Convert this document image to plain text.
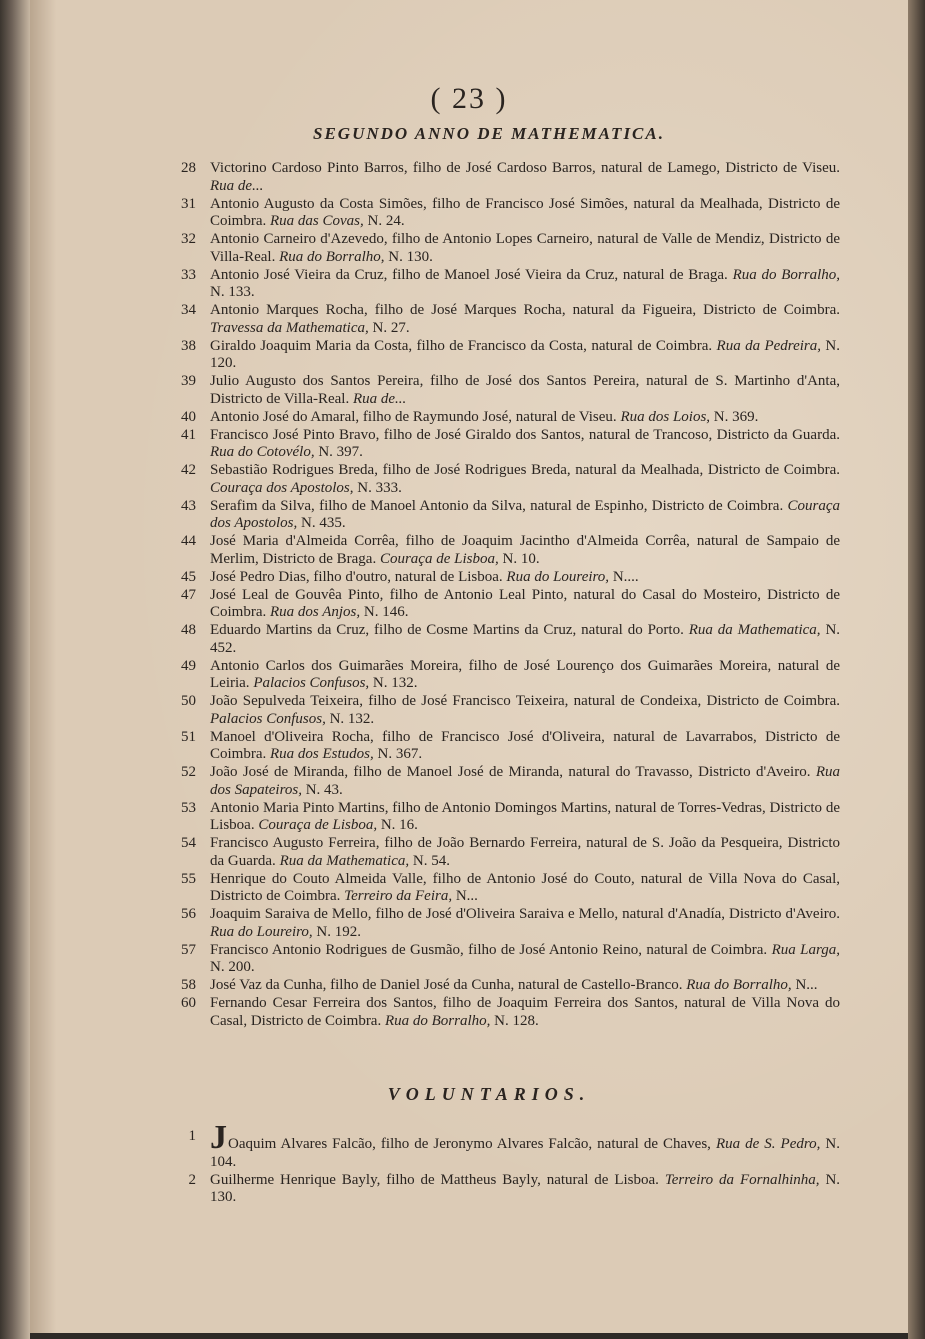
( 23 )
SEGUNDO ANNO DE MATHEMATICA.
28 Victorino Cardoso Pinto Barros, filho de José Cardoso Barros, natural de Lamego, Districto de Viseu. Rua de...
31 Antonio Augusto da Costa Simões, filho de Francisco José Simões, natural da Mealhada, Districto de Coimbra. Rua das Covas, N. 24.
32 Antonio Carneiro d'Azevedo, filho de Antonio Lopes Carneiro, natural de Valle de Mendiz, Districto de Villa-Real. Rua do Borralho, N. 130.
33 Antonio José Vieira da Cruz, filho de Manoel José Vieira da Cruz, natural de Braga. Rua do Borralho, N. 133.
34 Antonio Marques Rocha, filho de José Marques Rocha, natural da Figueira, Districto de Coimbra. Travessa da Mathematica, N. 27.
38 Giraldo Joaquim Maria da Costa, filho de Francisco da Costa, natural de Coimbra. Rua da Pedreira, N. 120.
39 Julio Augusto dos Santos Pereira, filho de José dos Santos Pereira, natural de S. Martinho d'Anta, Districto de Villa-Real. Rua de...
40 Antonio José do Amaral, filho de Raymundo José, natural de Viseu. Rua dos Loios, N. 369.
41 Francisco José Pinto Bravo, filho de José Giraldo dos Santos, natural de Trancoso, Districto da Guarda. Rua do Cotovélo, N. 397.
42 Sebastião Rodrigues Breda, filho de José Rodrigues Breda, natural da Mealhada, Districto de Coimbra. Couraça dos Apostolos, N. 333.
43 Serafim da Silva, filho de Manoel Antonio da Silva, natural de Espinho, Districto de Coimbra. Couraça dos Apostolos, N. 435.
44 José Maria d'Almeida Corrêa, filho de Joaquim Jacintho d'Almeida Corrêa, natural de Sampaio de Merlim, Districto de Braga. Couraça de Lisboa, N. 10.
45 José Pedro Dias, filho d'outro, natural de Lisboa. Rua do Loureiro, N....
47 José Leal de Gouvêa Pinto, filho de Antonio Leal Pinto, natural do Casal do Mosteiro, Districto de Coimbra. Rua dos Anjos, N. 146.
48 Eduardo Martins da Cruz, filho de Cosme Martins da Cruz, natural do Porto. Rua da Mathematica, N. 452.
49 Antonio Carlos dos Guimarães Moreira, filho de José Lourenço dos Guimarães Moreira, natural de Leiria. Palacios Confusos, N. 132.
50 João Sepulveda Teixeira, filho de José Francisco Teixeira, natural de Condeixa, Districto de Coimbra. Palacios Confusos, N. 132.
51 Manoel d'Oliveira Rocha, filho de Francisco José d'Oliveira, natural de Lavarrabos, Districto de Coimbra. Rua dos Estudos, N. 367.
52 João José de Miranda, filho de Manoel José de Miranda, natural do Travasso, Districto d'Aveiro. Rua dos Sapateiros, N. 43.
53 Antonio Maria Pinto Martins, filho de Antonio Domingos Martins, natural de Torres-Vedras, Districto de Lisboa. Couraça de Lisboa, N. 16.
54 Francisco Augusto Ferreira, filho de João Bernardo Ferreira, natural de S. João da Pesqueira, Districto da Guarda. Rua da Mathematica, N. 54.
55 Henrique do Couto Almeida Valle, filho de Antonio José do Couto, natural de Villa Nova do Casal, Districto de Coimbra. Terreiro da Feira, N...
56 Joaquim Saraiva de Mello, filho de José d'Oliveira Saraiva e Mello, natural d'Anadía, Districto d'Aveiro. Rua do Loureiro, N. 192.
57 Francisco Antonio Rodrigues de Gusmão, filho de José Antonio Reino, natural de Coimbra. Rua Larga, N. 200.
58 José Vaz da Cunha, filho de Daniel José da Cunha, natural de Castello-Branco. Rua do Borralho, N...
60 Fernando Cesar Ferreira dos Santos, filho de Joaquim Ferreira dos Santos, natural de Villa Nova do Casal, Districto de Coimbra. Rua do Borralho, N. 128.
VOLUNTARIOS.
1 JOaquim Alvares Falcão, filho de Jeronymo Alvares Falcão, natural de Chaves, Rua de S. Pedro, N. 104.
2 Guilherme Henrique Bayly, filho de Mattheus Bayly, natural de Lisboa. Terreiro da Fornalhinha, N. 130.
